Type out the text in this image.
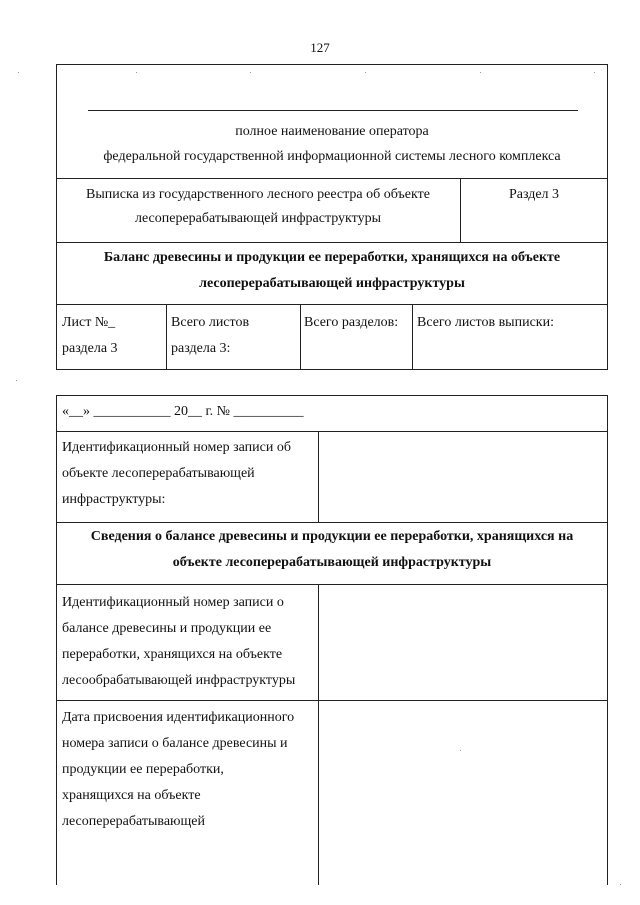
127
полное наименование оператора
федеральной государственной информационной системы лесного комплекса
Выписка из государственного лесного реестра об объекте
лесоперерабатывающей инфраструктуры
Раздел 3
Баланс древесины и продукции ее переработки, хранящихся на объекте
лесоперерабатывающей инфраструктуры
Лист №_
раздела 3
Всего листов
раздела 3:
Всего разделов: Всего листов выписки:
«__» ___________ 20__ г. № __________
Идентификационный номер записи об
объекте лесоперерабатывающей
инфраструктуры:
Сведения о балансе древесины и продукции ее переработки, хранящихся на
объекте лесоперерабатывающей инфраструктуры
Идентификационный номер записи о
балансе древесины и продукции ее
переработки, хранящихся на объекте
лесообрабатывающей инфраструктуры
Дата присвоения идентификационного
номера записи о балансе древесины и
продукции ее переработки,
хранящихся на объекте
лесоперерабатывающей
